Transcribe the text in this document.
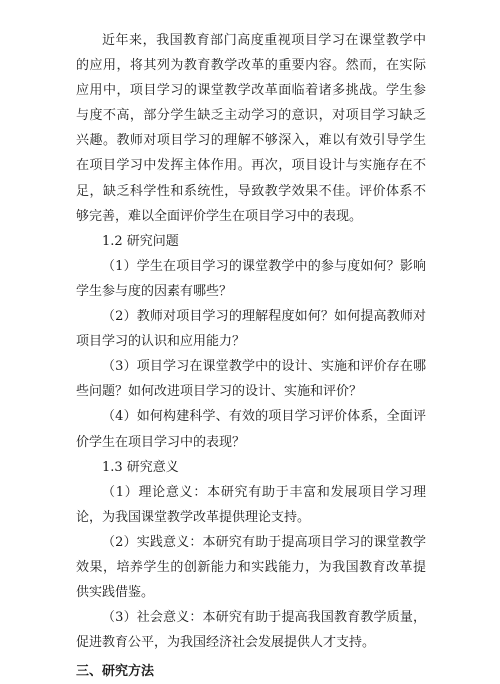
近年来，我国教育部门高度重视项目学习在课堂教学中的应用，将其列为教育教学改革的重要内容。然而，在实际应用中，项目学习的课堂教学改革面临着诸多挑战。学生参与度不高，部分学生缺乏主动学习的意识，对项目学习缺乏兴趣。教师对项目学习的理解不够深入，难以有效引导学生在项目学习中发挥主体作用。再次，项目设计与实施存在不足，缺乏科学性和系统性，导致教学效果不佳。评价体系不够完善，难以全面评价学生在项目学习中的表现。

1.2 研究问题

（1）学生在项目学习的课堂教学中的参与度如何？影响学生参与度的因素有哪些？

（2）教师对项目学习的理解程度如何？如何提高教师对项目学习的认识和应用能力？

（3）项目学习在课堂教学中的设计、实施和评价存在哪些问题？如何改进项目学习的设计、实施和评价？

（4）如何构建科学、有效的项目学习评价体系，全面评价学生在项目学习中的表现？

1.3 研究意义

（1）理论意义：本研究有助于丰富和发展项目学习理论，为我国课堂教学改革提供理论支持。

（2）实践意义：本研究有助于提高项目学习的课堂教学效果，培养学生的创新能力和实践能力，为我国教育改革提供实践借鉴。

（3）社会意义：本研究有助于提高我国教育教学质量，促进教育公平，为我国经济社会发展提供人才支持。

三、研究方法
